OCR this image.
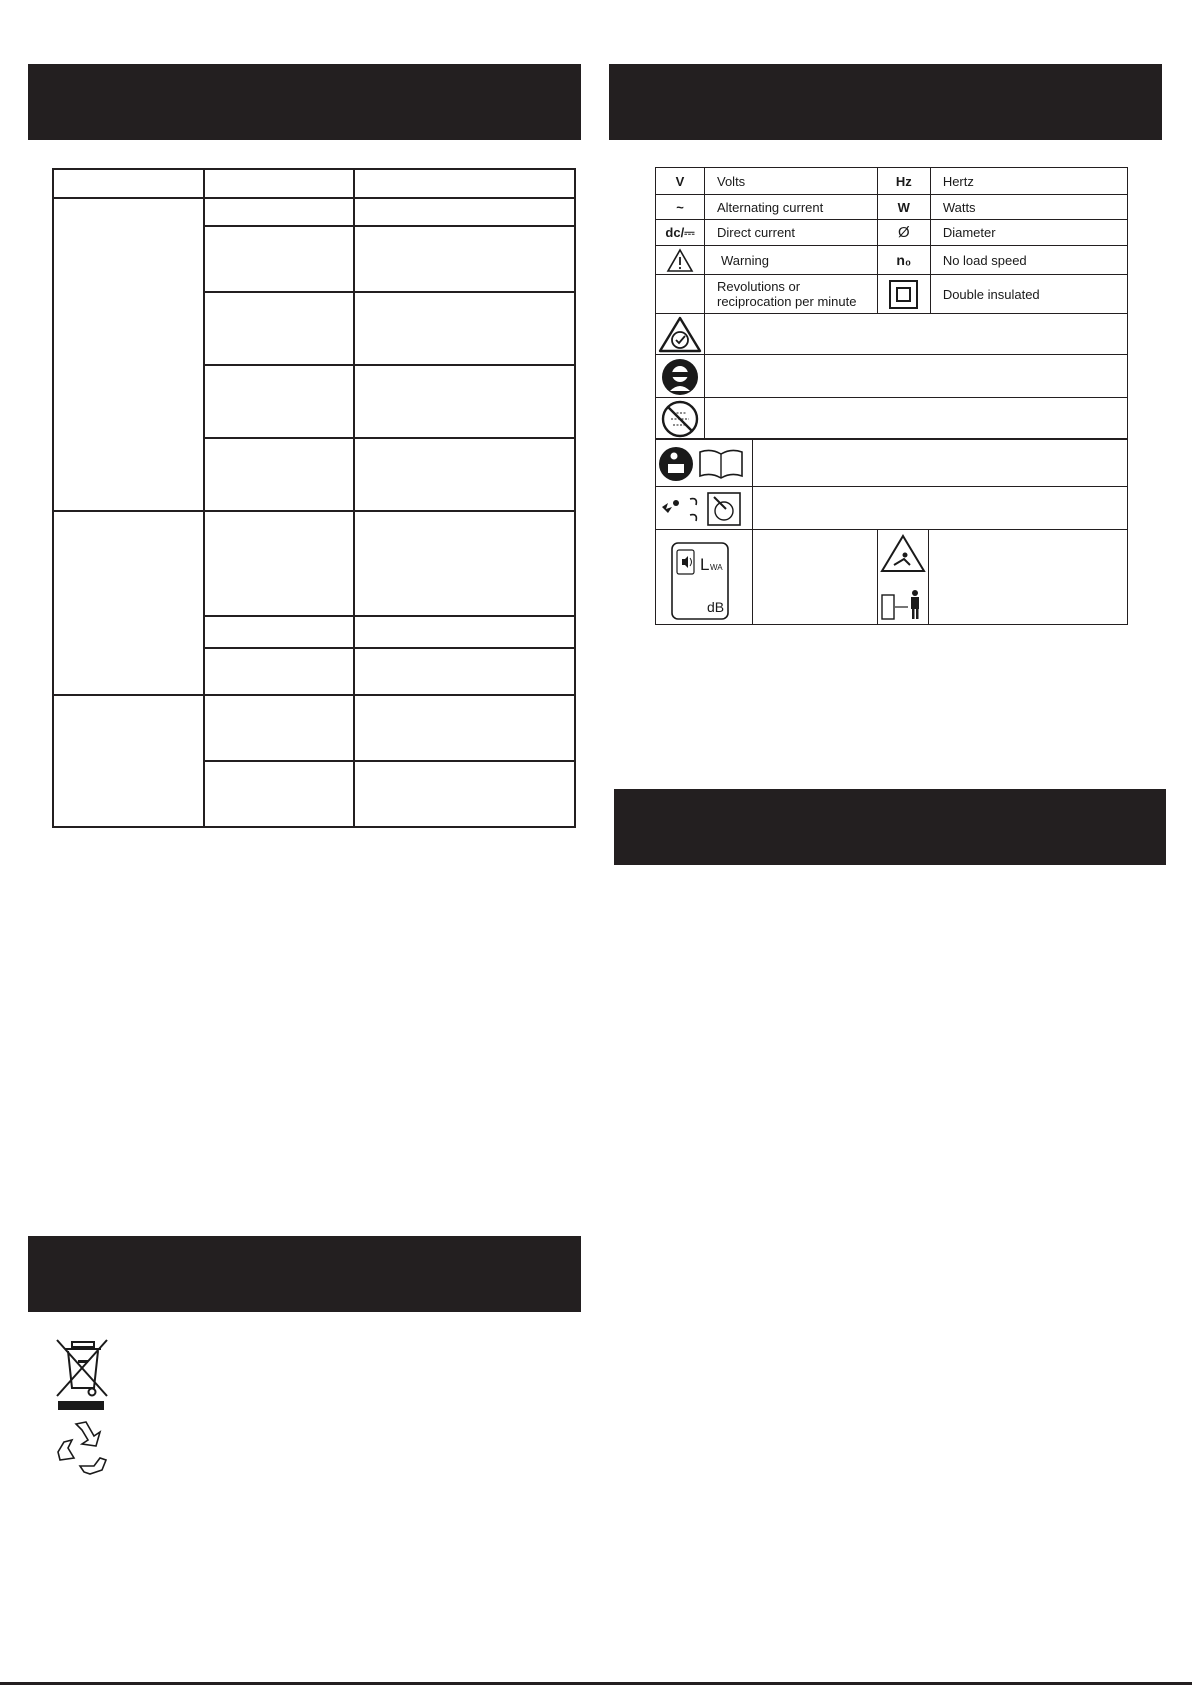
V	Volts	Hz	Hertz
~	Alternating current	W	Watts
dc/⎓	Direct current	Ø	Diameter

	Warning	n₀	No load speed

	Revolutions or
reciprocation per minute		Double insulated

L WA
dB
